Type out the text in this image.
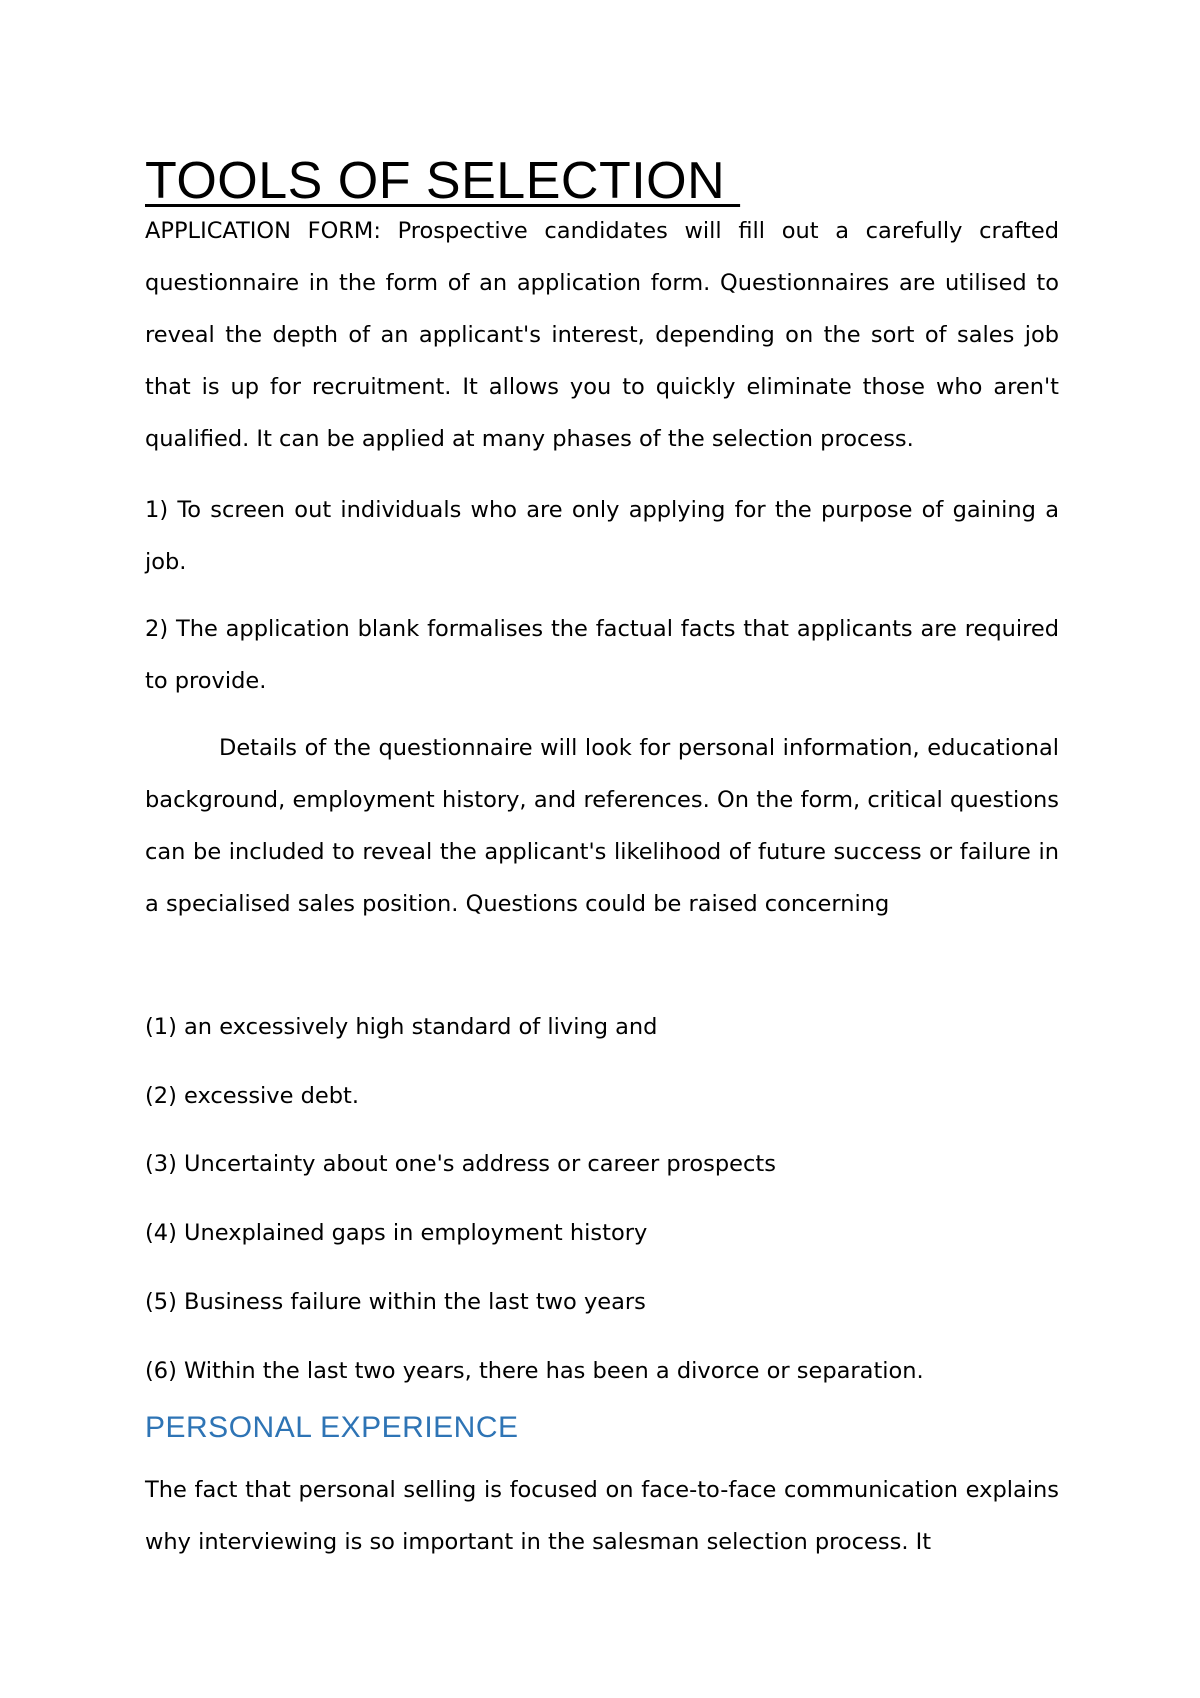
TOOLS OF SELECTION

APPLICATION FORM: Prospective candidates will fill out a carefully crafted questionnaire in the form of an application form. Questionnaires are utilised to reveal the depth of an applicant's interest, depending on the sort of sales job that is up for recruitment. It allows you to quickly eliminate those who aren't qualified. It can be applied at many phases of the selection process.

1) To screen out individuals who are only applying for the purpose of gaining a job.

2) The application blank formalises the factual facts that applicants are required to provide.

Details of the questionnaire will look for personal information, educational background, employment history, and references. On the form, critical questions can be included to reveal the applicant's likelihood of future success or failure in a specialised sales position. Questions could be raised concerning

(1) an excessively high standard of living and

(2) excessive debt.

(3) Uncertainty about one's address or career prospects

(4) Unexplained gaps in employment history

(5) Business failure within the last two years

(6) Within the last two years, there has been a divorce or separation.

PERSONAL EXPERIENCE

The fact that personal selling is focused on face-to-face communication explains why interviewing is so important in the salesman selection process. It
